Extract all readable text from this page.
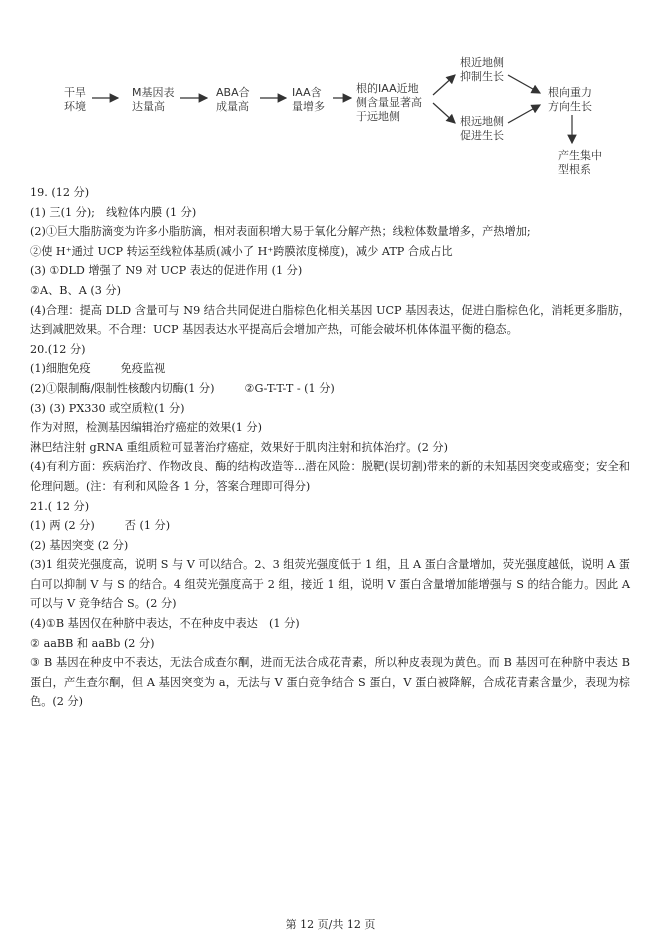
干旱
环境
M基因表
达量高
ABA合
成量高
IAA含
量增多
根的IAA近地
侧含量显著高
于远地侧
根近地侧
抑制生长
根远地侧
促进生长
根向重力
方向生长
产生集中
型根系
19. (12 分)
(1) 三(1 分);　线粒体内膜 (1 分)
(2)①巨大脂肪滴变为许多小脂肪滴，相对表面积增大易于氧化分解产热；线粒体数量增多，产热增加;
②使 H⁺通过 UCP 转运至线粒体基质(减小了 H⁺跨膜浓度梯度)，减少 ATP 合成占比
(3) ①DLD 增强了 N9 对 UCP 表达的促进作用 (1 分)
②A、B、A (3 分)
(4)合理：提高 DLD 含量可与 N9 结合共同促进白脂棕色化相关基因 UCP 基因表达，促进白脂棕色化，消耗更多脂肪，达到减肥效果。不合理：UCP 基因表达水平提高后会增加产热，可能会破坏机体体温平衡的稳态。
20.(12 分)
(1)细胞免疫	免疫监视
(2)①限制酶/限制性核酸内切酶(1 分)	②G-T-T-T - (1 分)
(3) (3) PX330 或空质粒(1 分)
作为对照，检测基因编辑治疗癌症的效果(1 分)
淋巴结注射 gRNA 重组质粒可显著治疗癌症，效果好于肌肉注射和抗体治疗。(2 分)
(4)有利方面：疾病治疗、作物改良、酶的结构改造等…潜在风险：脱靶(误切割)带来的新的未知基因突变或癌变；安全和伦理问题。(注：有利和风险各 1 分，答案合理即可得分)
21.( 12 分)
(1) 两 (2 分)	否 (1 分)
(2) 基因突变 (2 分)
(3)1 组荧光强度高，说明 S 与 V 可以结合。2、3 组荧光强度低于 1 组，且 A 蛋白含量增加，荧光强度越低，说明 A 蛋白可以抑制 V 与 S 的结合。4 组荧光强度高于 2 组，接近 1 组，说明 V 蛋白含量增加能增强与 S 的结合能力。因此 A 可以与 V 竞争结合 S。(2 分)
(4)①B 基因仅在种脐中表达，不在种皮中表达　(1 分)
② aaBB 和 aaBb (2 分)
③ B 基因在种皮中不表达，无法合成查尔酮，进而无法合成花青素，所以种皮表现为黄色。而 B 基因可在种脐中表达 B 蛋白，产生查尔酮，但 A 基因突变为 a，无法与 V 蛋白竞争结合 S 蛋白，V 蛋白被降解，合成花青素含量少，表现为棕色。(2 分)
第 12 页/共 12 页
